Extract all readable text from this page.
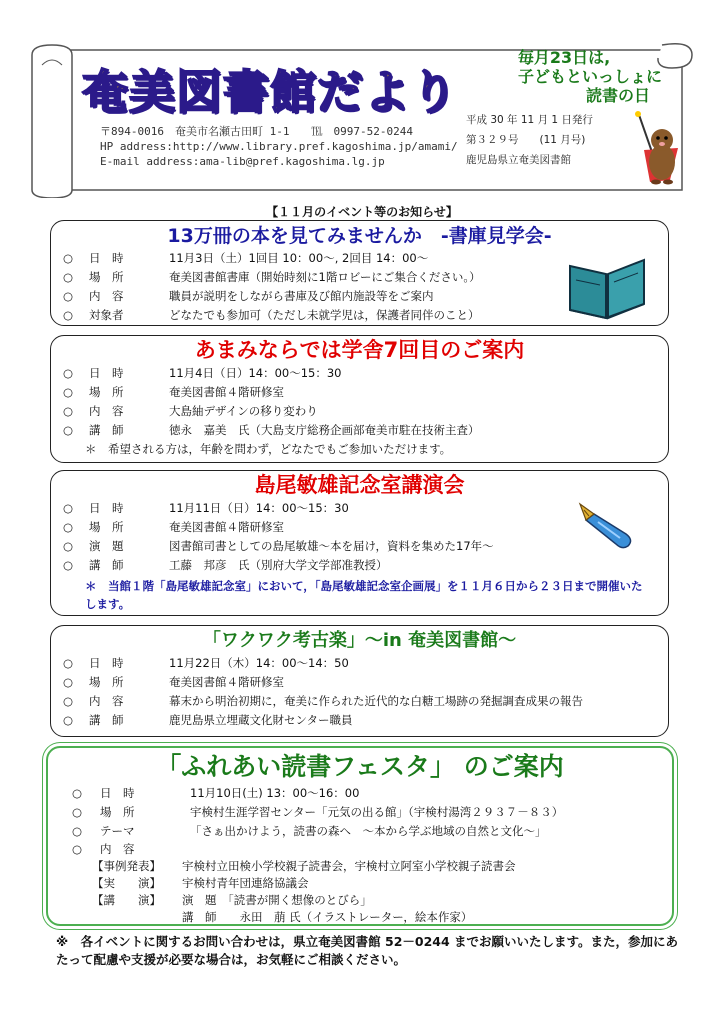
奄美図書館だより
〒894-0016　奄美市名瀬古田町 1-1　　℡　0997-52-0244
HP address:http://www.library.pref.kagoshima.jp/amami/
E-mail address:ama-lib@pref.kagoshima.lg.jp
毎月23日は,
子どもといっしょに
読書の日
平成 30 年 11 月 1 日発行
第３２９号　　(11 月号)
鹿児島県立奄美図書館
【１１月のイベント等のお知らせ】
13万冊の本を見てみませんか　-書庫見学会-
○ 日　時	11月3日（土）1回目 10：00～, 2回目 14：00～
○ 場　所	奄美図書館書庫（開始時刻に1階ロビーにご集合ください。）
○ 内　容	職員が説明をしながら書庫及び館内施設等をご案内
○ 対象者	どなたでも参加可（ただし未就学児は，保護者同伴のこと）
あまみならでは学舎7回目のご案内
○ 日　時	11月4日（日）14：00～15：30
○ 場　所	奄美図書館４階研修室
○ 内　容	大島紬デザインの移り変わり
○ 講　師	徳永　嘉美　氏（大島支庁総務企画部奄美市駐在技術主査）
＊　希望される方は，年齢を問わず，どなたでもご参加いただけます。
島尾敏雄記念室講演会
○ 日　時	11月11日（日）14：00～15：30
○ 場　所	奄美図書館４階研修室
○ 演　題	図書館司書としての島尾敏雄～本を届け，資料を集めた17年～
○ 講　師	工藤　邦彦　氏（別府大学文学部准教授）
＊　当館１階「島尾敏雄記念室」において，「島尾敏雄記念室企画展」を１１月６日から２３日まで開催いたします。
「ワクワク考古楽」～in 奄美図書館～
○ 日　時	11月22日（木）14：00～14：50
○ 場　所	奄美図書館４階研修室
○ 内　容	幕末から明治初期に，奄美に作られた近代的な白糖工場跡の発掘調査成果の報告
○ 講　師	鹿児島県立埋蔵文化財センター職員
「ふれあい読書フェスタ」 のご案内
○ 日　時	11月10日(土) 13：00～16：00
○ 場　所	宇検村生涯学習センター「元気の出る館」（宇検村湯湾２９３７－８３）
○ テーマ	「さぁ出かけよう，読書の森へ　～本から学ぶ地域の自然と文化～」
○ 内　容
【事例発表】 宇検村立田検小学校親子読書会，宇検村立阿室小学校親子読書会
【実　　演】 宇検村青年団連絡協議会
【講　　演】 演　題　「読書が開く想像のとびら」
講　師　　永田　萠 氏（イラストレーター，絵本作家）
※　各イベントに関するお問い合わせは，県立奄美図書館 52－0244 までお願いいたします。また，参加にあたって配慮や支援が必要な場合は，お気軽にご相談ください。
